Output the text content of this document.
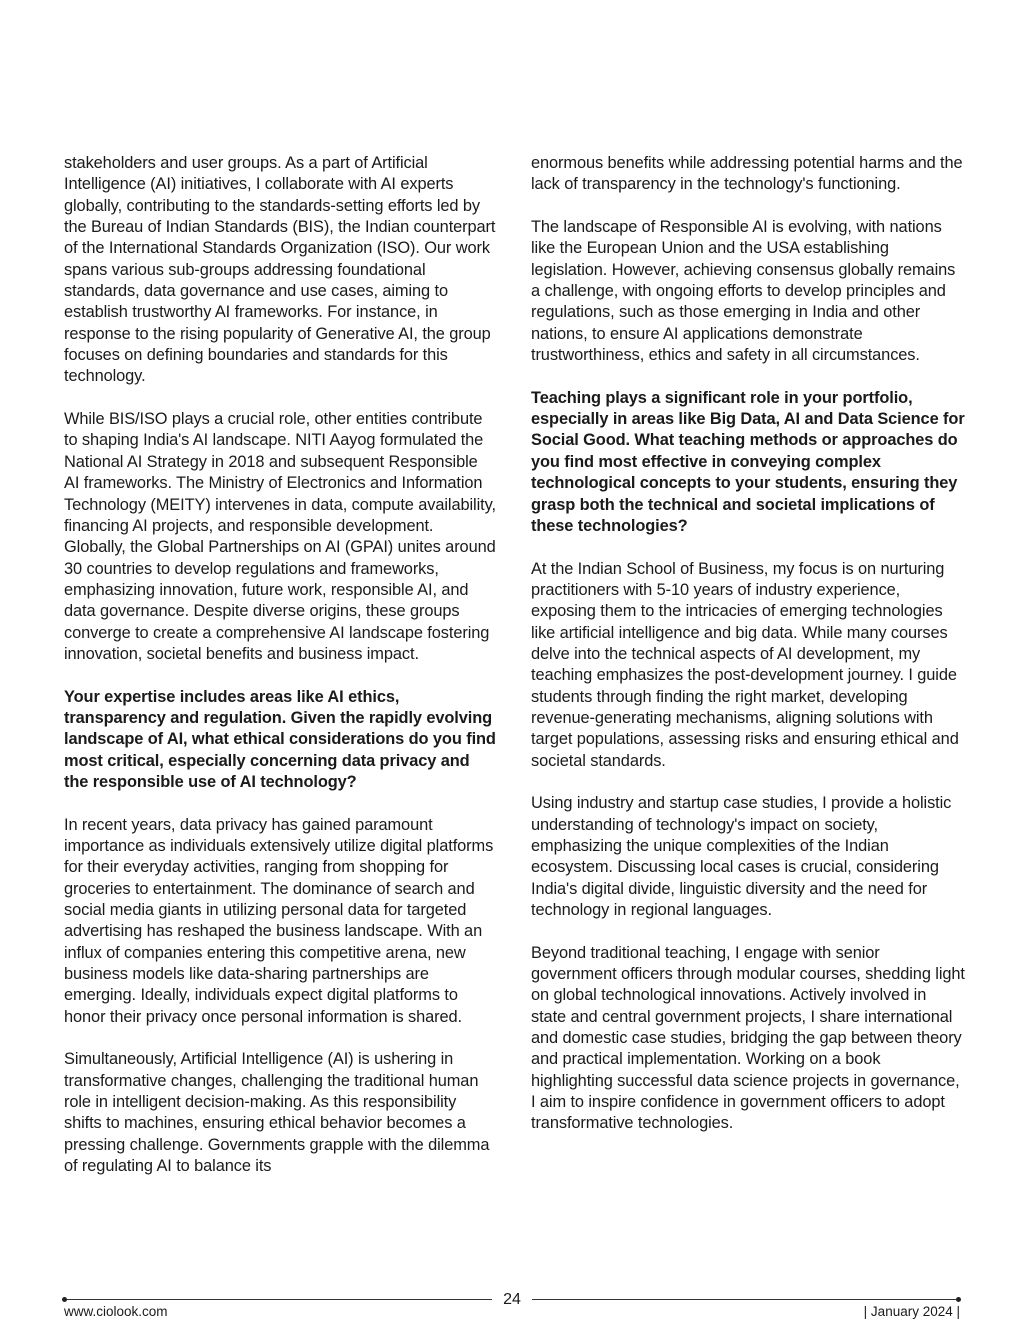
stakeholders and user groups. As a part of Artificial Intelligence (AI) initiatives, I collaborate with AI experts globally, contributing to the standards-setting efforts led by the Bureau of Indian Standards (BIS), the Indian counterpart of the International Standards Organization (ISO). Our work spans various sub-groups addressing foundational standards, data governance and use cases, aiming to establish trustworthy AI frameworks. For instance, in response to the rising popularity of Generative AI, the group focuses on defining boundaries and standards for this technology.

While BIS/ISO plays a crucial role, other entities contribute to shaping India's AI landscape. NITI Aayog formulated the National AI Strategy in 2018 and subsequent Responsible AI frameworks. The Ministry of Electronics and Information Technology (MEITY) intervenes in data, compute availability, financing AI projects, and responsible development. Globally, the Global Partnerships on AI (GPAI) unites around 30 countries to develop regulations and frameworks, emphasizing innovation, future work, responsible AI, and data governance. Despite diverse origins, these groups converge to create a comprehensive AI landscape fostering innovation, societal benefits and business impact.

Your expertise includes areas like AI ethics, transparency and regulation. Given the rapidly evolving landscape of AI, what ethical considerations do you find most critical, especially concerning data privacy and the responsible use of AI technology?

In recent years, data privacy has gained paramount importance as individuals extensively utilize digital platforms for their everyday activities, ranging from shopping for groceries to entertainment. The dominance of search and social media giants in utilizing personal data for targeted advertising has reshaped the business landscape. With an influx of companies entering this competitive arena, new business models like data-sharing partnerships are emerging. Ideally, individuals expect digital platforms to honor their privacy once personal information is shared.

Simultaneously, Artificial Intelligence (AI) is ushering in transformative changes, challenging the traditional human role in intelligent decision-making. As this responsibility shifts to machines, ensuring ethical behavior becomes a pressing challenge. Governments grapple with the dilemma of regulating AI to balance its

enormous benefits while addressing potential harms and the lack of transparency in the technology's functioning.

The landscape of Responsible AI is evolving, with nations like the European Union and the USA establishing legislation. However, achieving consensus globally remains a challenge, with ongoing efforts to develop principles and regulations, such as those emerging in India and other nations, to ensure AI applications demonstrate trustworthiness, ethics and safety in all circumstances.

Teaching plays a significant role in your portfolio, especially in areas like Big Data, AI and Data Science for Social Good. What teaching methods or approaches do you find most effective in conveying complex technological concepts to your students, ensuring they grasp both the technical and societal implications of these technologies?

At the Indian School of Business, my focus is on nurturing practitioners with 5-10 years of industry experience, exposing them to the intricacies of emerging technologies like artificial intelligence and big data. While many courses delve into the technical aspects of AI development, my teaching emphasizes the post-development journey. I guide students through finding the right market, developing revenue-generating mechanisms, aligning solutions with target populations, assessing risks and ensuring ethical and societal standards.

Using industry and startup case studies, I provide a holistic understanding of technology's impact on society, emphasizing the unique complexities of the Indian ecosystem. Discussing local cases is crucial, considering India's digital divide, linguistic diversity and the need for technology in regional languages.

Beyond traditional teaching, I engage with senior government officers through modular courses, shedding light on global technological innovations. Actively involved in state and central government projects, I share international and domestic case studies, bridging the gap between theory and practical implementation. Working on a book highlighting successful data science projects in governance, I aim to inspire confidence in government officers to adopt transformative technologies.

24
www.ciolook.com	| January 2024 |
